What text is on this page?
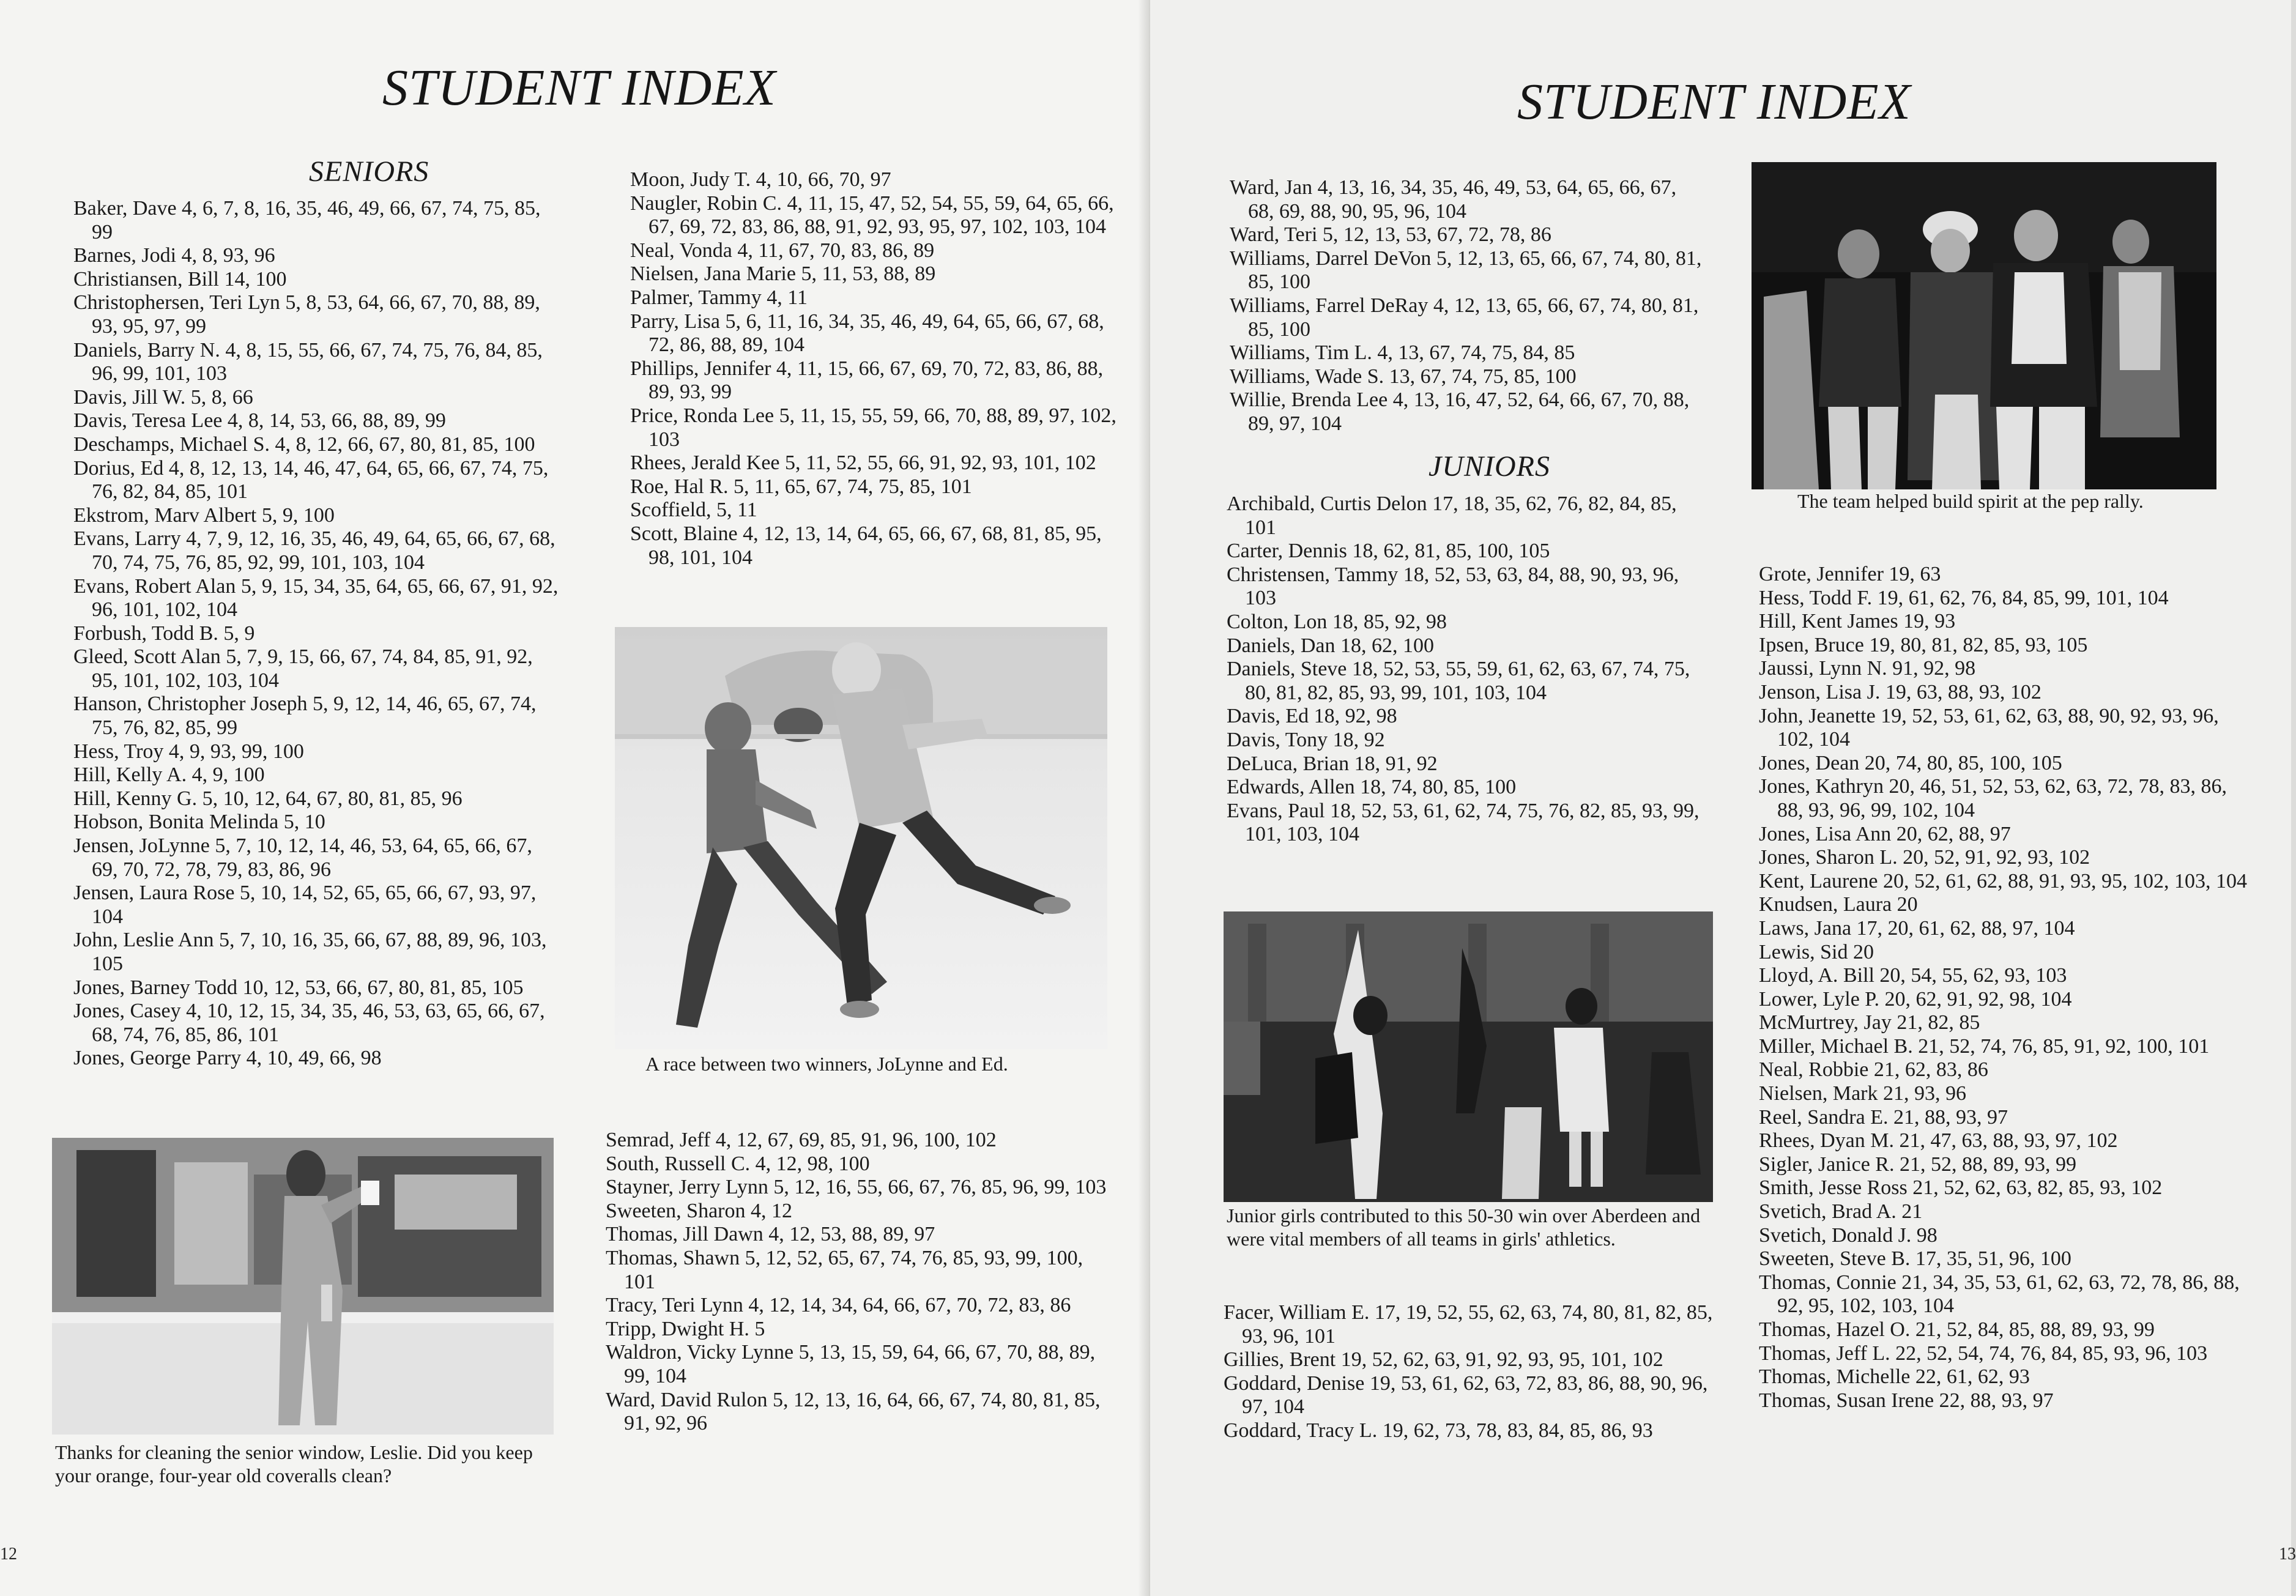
STUDENT INDEX
SENIORS
Baker, Dave 4, 6, 7, 8, 16, 35, 46, 49, 66, 67, 74, 75, 85, 99
Barnes, Jodi 4, 8, 93, 96
Christiansen, Bill 14, 100
Christophersen, Teri Lyn 5, 8, 53, 64, 66, 67, 70, 88, 89, 93, 95, 97, 99
Daniels, Barry N. 4, 8, 15, 55, 66, 67, 74, 75, 76, 84, 85, 96, 99, 101, 103
Davis, Jill W. 5, 8, 66
Davis, Teresa Lee 4, 8, 14, 53, 66, 88, 89, 99
Deschamps, Michael S. 4, 8, 12, 66, 67, 80, 81, 85, 100
Dorius, Ed 4, 8, 12, 13, 14, 46, 47, 64, 65, 66, 67, 74, 75, 76, 82, 84, 85, 101
Ekstrom, Marv Albert 5, 9, 100
Evans, Larry 4, 7, 9, 12, 16, 35, 46, 49, 64, 65, 66, 67, 68, 70, 74, 75, 76, 85, 92, 99, 101, 103, 104
Evans, Robert Alan 5, 9, 15, 34, 35, 64, 65, 66, 67, 91, 92, 96, 101, 102, 104
Forbush, Todd B. 5, 9
Gleed, Scott Alan 5, 7, 9, 15, 66, 67, 74, 84, 85, 91, 92, 95, 101, 102, 103, 104
Hanson, Christopher Joseph 5, 9, 12, 14, 46, 65, 67, 74, 75, 76, 82, 85, 99
Hess, Troy 4, 9, 93, 99, 100
Hill, Kelly A. 4, 9, 100
Hill, Kenny G. 5, 10, 12, 64, 67, 80, 81, 85, 96
Hobson, Bonita Melinda 5, 10
Jensen, JoLynne 5, 7, 10, 12, 14, 46, 53, 64, 65, 66, 67, 69, 70, 72, 78, 79, 83, 86, 96
Jensen, Laura Rose 5, 10, 14, 52, 65, 65, 66, 67, 93, 97, 104
John, Leslie Ann 5, 7, 10, 16, 35, 66, 67, 88, 89, 96, 103, 105
Jones, Barney Todd 10, 12, 53, 66, 67, 80, 81, 85, 105
Jones, Casey 4, 10, 12, 15, 34, 35, 46, 53, 63, 65, 66, 67, 68, 74, 76, 85, 86, 101
Jones, George Parry 4, 10, 49, 66, 98
Moon, Judy T. 4, 10, 66, 70, 97
Naugler, Robin C. 4, 11, 15, 47, 52, 54, 55, 59, 64, 65, 66, 67, 69, 72, 83, 86, 88, 91, 92, 93, 95, 97, 102, 103, 104
Neal, Vonda 4, 11, 67, 70, 83, 86, 89
Nielsen, Jana Marie 5, 11, 53, 88, 89
Palmer, Tammy 4, 11
Parry, Lisa 5, 6, 11, 16, 34, 35, 46, 49, 64, 65, 66, 67, 68, 72, 86, 88, 89, 104
Phillips, Jennifer 4, 11, 15, 66, 67, 69, 70, 72, 83, 86, 88, 89, 93, 99
Price, Ronda Lee 5, 11, 15, 55, 59, 66, 70, 88, 89, 97, 102, 103
Rhees, Jerald Kee 5, 11, 52, 55, 66, 91, 92, 93, 101, 102
Roe, Hal R. 5, 11, 65, 67, 74, 75, 85, 101
Scoffield, 5, 11
Scott, Blaine 4, 12, 13, 14, 64, 65, 66, 67, 68, 81, 85, 95, 98, 101, 104
A race between two winners, JoLynne and Ed.
Thanks for cleaning the senior window, Leslie. Did you keep your orange, four-year old coveralls clean?
Semrad, Jeff 4, 12, 67, 69, 85, 91, 96, 100, 102
South, Russell C. 4, 12, 98, 100
Stayner, Jerry Lynn 5, 12, 16, 55, 66, 67, 76, 85, 96, 99, 103
Sweeten, Sharon 4, 12
Thomas, Jill Dawn 4, 12, 53, 88, 89, 97
Thomas, Shawn 5, 12, 52, 65, 67, 74, 76, 85, 93, 99, 100, 101
Tracy, Teri Lynn 4, 12, 14, 34, 64, 66, 67, 70, 72, 83, 86
Tripp, Dwight H. 5
Waldron, Vicky Lynne 5, 13, 15, 59, 64, 66, 67, 70, 88, 89, 99, 104
Ward, David Rulon 5, 12, 13, 16, 64, 66, 67, 74, 80, 81, 85, 91, 92, 96
12
STUDENT INDEX
Ward, Jan 4, 13, 16, 34, 35, 46, 49, 53, 64, 65, 66, 67, 68, 69, 88, 90, 95, 96, 104
Ward, Teri 5, 12, 13, 53, 67, 72, 78, 86
Williams, Darrel DeVon 5, 12, 13, 65, 66, 67, 74, 80, 81, 85, 100
Williams, Farrel DeRay 4, 12, 13, 65, 66, 67, 74, 80, 81, 85, 100
Williams, Tim L. 4, 13, 67, 74, 75, 84, 85
Williams, Wade S. 13, 67, 74, 75, 85, 100
Willie, Brenda Lee 4, 13, 16, 47, 52, 64, 66, 67, 70, 88, 89, 97, 104
JUNIORS
Archibald, Curtis Delon 17, 18, 35, 62, 76, 82, 84, 85, 101
Carter, Dennis 18, 62, 81, 85, 100, 105
Christensen, Tammy 18, 52, 53, 63, 84, 88, 90, 93, 96, 103
Colton, Lon 18, 85, 92, 98
Daniels, Dan 18, 62, 100
Daniels, Steve 18, 52, 53, 55, 59, 61, 62, 63, 67, 74, 75, 80, 81, 82, 85, 93, 99, 101, 103, 104
Davis, Ed 18, 92, 98
Davis, Tony 18, 92
DeLuca, Brian 18, 91, 92
Edwards, Allen 18, 74, 80, 85, 100
Evans, Paul 18, 52, 53, 61, 62, 74, 75, 76, 82, 85, 93, 99, 101, 103, 104
Junior girls contributed to this 50-30 win over Aberdeen and were vital members of all teams in girls' athletics.
Facer, William E. 17, 19, 52, 55, 62, 63, 74, 80, 81, 82, 85, 93, 96, 101
Gillies, Brent 19, 52, 62, 63, 91, 92, 93, 95, 101, 102
Goddard, Denise 19, 53, 61, 62, 63, 72, 83, 86, 88, 90, 96, 97, 104
Goddard, Tracy L. 19, 62, 73, 78, 83, 84, 85, 86, 93
The team helped build spirit at the pep rally.
Grote, Jennifer 19, 63
Hess, Todd F. 19, 61, 62, 76, 84, 85, 99, 101, 104
Hill, Kent James 19, 93
Ipsen, Bruce 19, 80, 81, 82, 85, 93, 105
Jaussi, Lynn N. 91, 92, 98
Jenson, Lisa J. 19, 63, 88, 93, 102
John, Jeanette 19, 52, 53, 61, 62, 63, 88, 90, 92, 93, 96, 102, 104
Jones, Dean 20, 74, 80, 85, 100, 105
Jones, Kathryn 20, 46, 51, 52, 53, 62, 63, 72, 78, 83, 86, 88, 93, 96, 99, 102, 104
Jones, Lisa Ann 20, 62, 88, 97
Jones, Sharon L. 20, 52, 91, 92, 93, 102
Kent, Laurene 20, 52, 61, 62, 88, 91, 93, 95, 102, 103, 104
Knudsen, Laura 20
Laws, Jana 17, 20, 61, 62, 88, 97, 104
Lewis, Sid 20
Lloyd, A. Bill 20, 54, 55, 62, 93, 103
Lower, Lyle P. 20, 62, 91, 92, 98, 104
McMurtrey, Jay 21, 82, 85
Miller, Michael B. 21, 52, 74, 76, 85, 91, 92, 100, 101
Neal, Robbie 21, 62, 83, 86
Nielsen, Mark 21, 93, 96
Reel, Sandra E. 21, 88, 93, 97
Rhees, Dyan M. 21, 47, 63, 88, 93, 97, 102
Sigler, Janice R. 21, 52, 88, 89, 93, 99
Smith, Jesse Ross 21, 52, 62, 63, 82, 85, 93, 102
Svetich, Brad A. 21
Svetich, Donald J. 98
Sweeten, Steve B. 17, 35, 51, 96, 100
Thomas, Connie 21, 34, 35, 53, 61, 62, 63, 72, 78, 86, 88, 92, 95, 102, 103, 104
Thomas, Hazel O. 21, 52, 84, 85, 88, 89, 93, 99
Thomas, Jeff L. 22, 52, 54, 74, 76, 84, 85, 93, 96, 103
Thomas, Michelle 22, 61, 62, 93
Thomas, Susan Irene 22, 88, 93, 97
13
